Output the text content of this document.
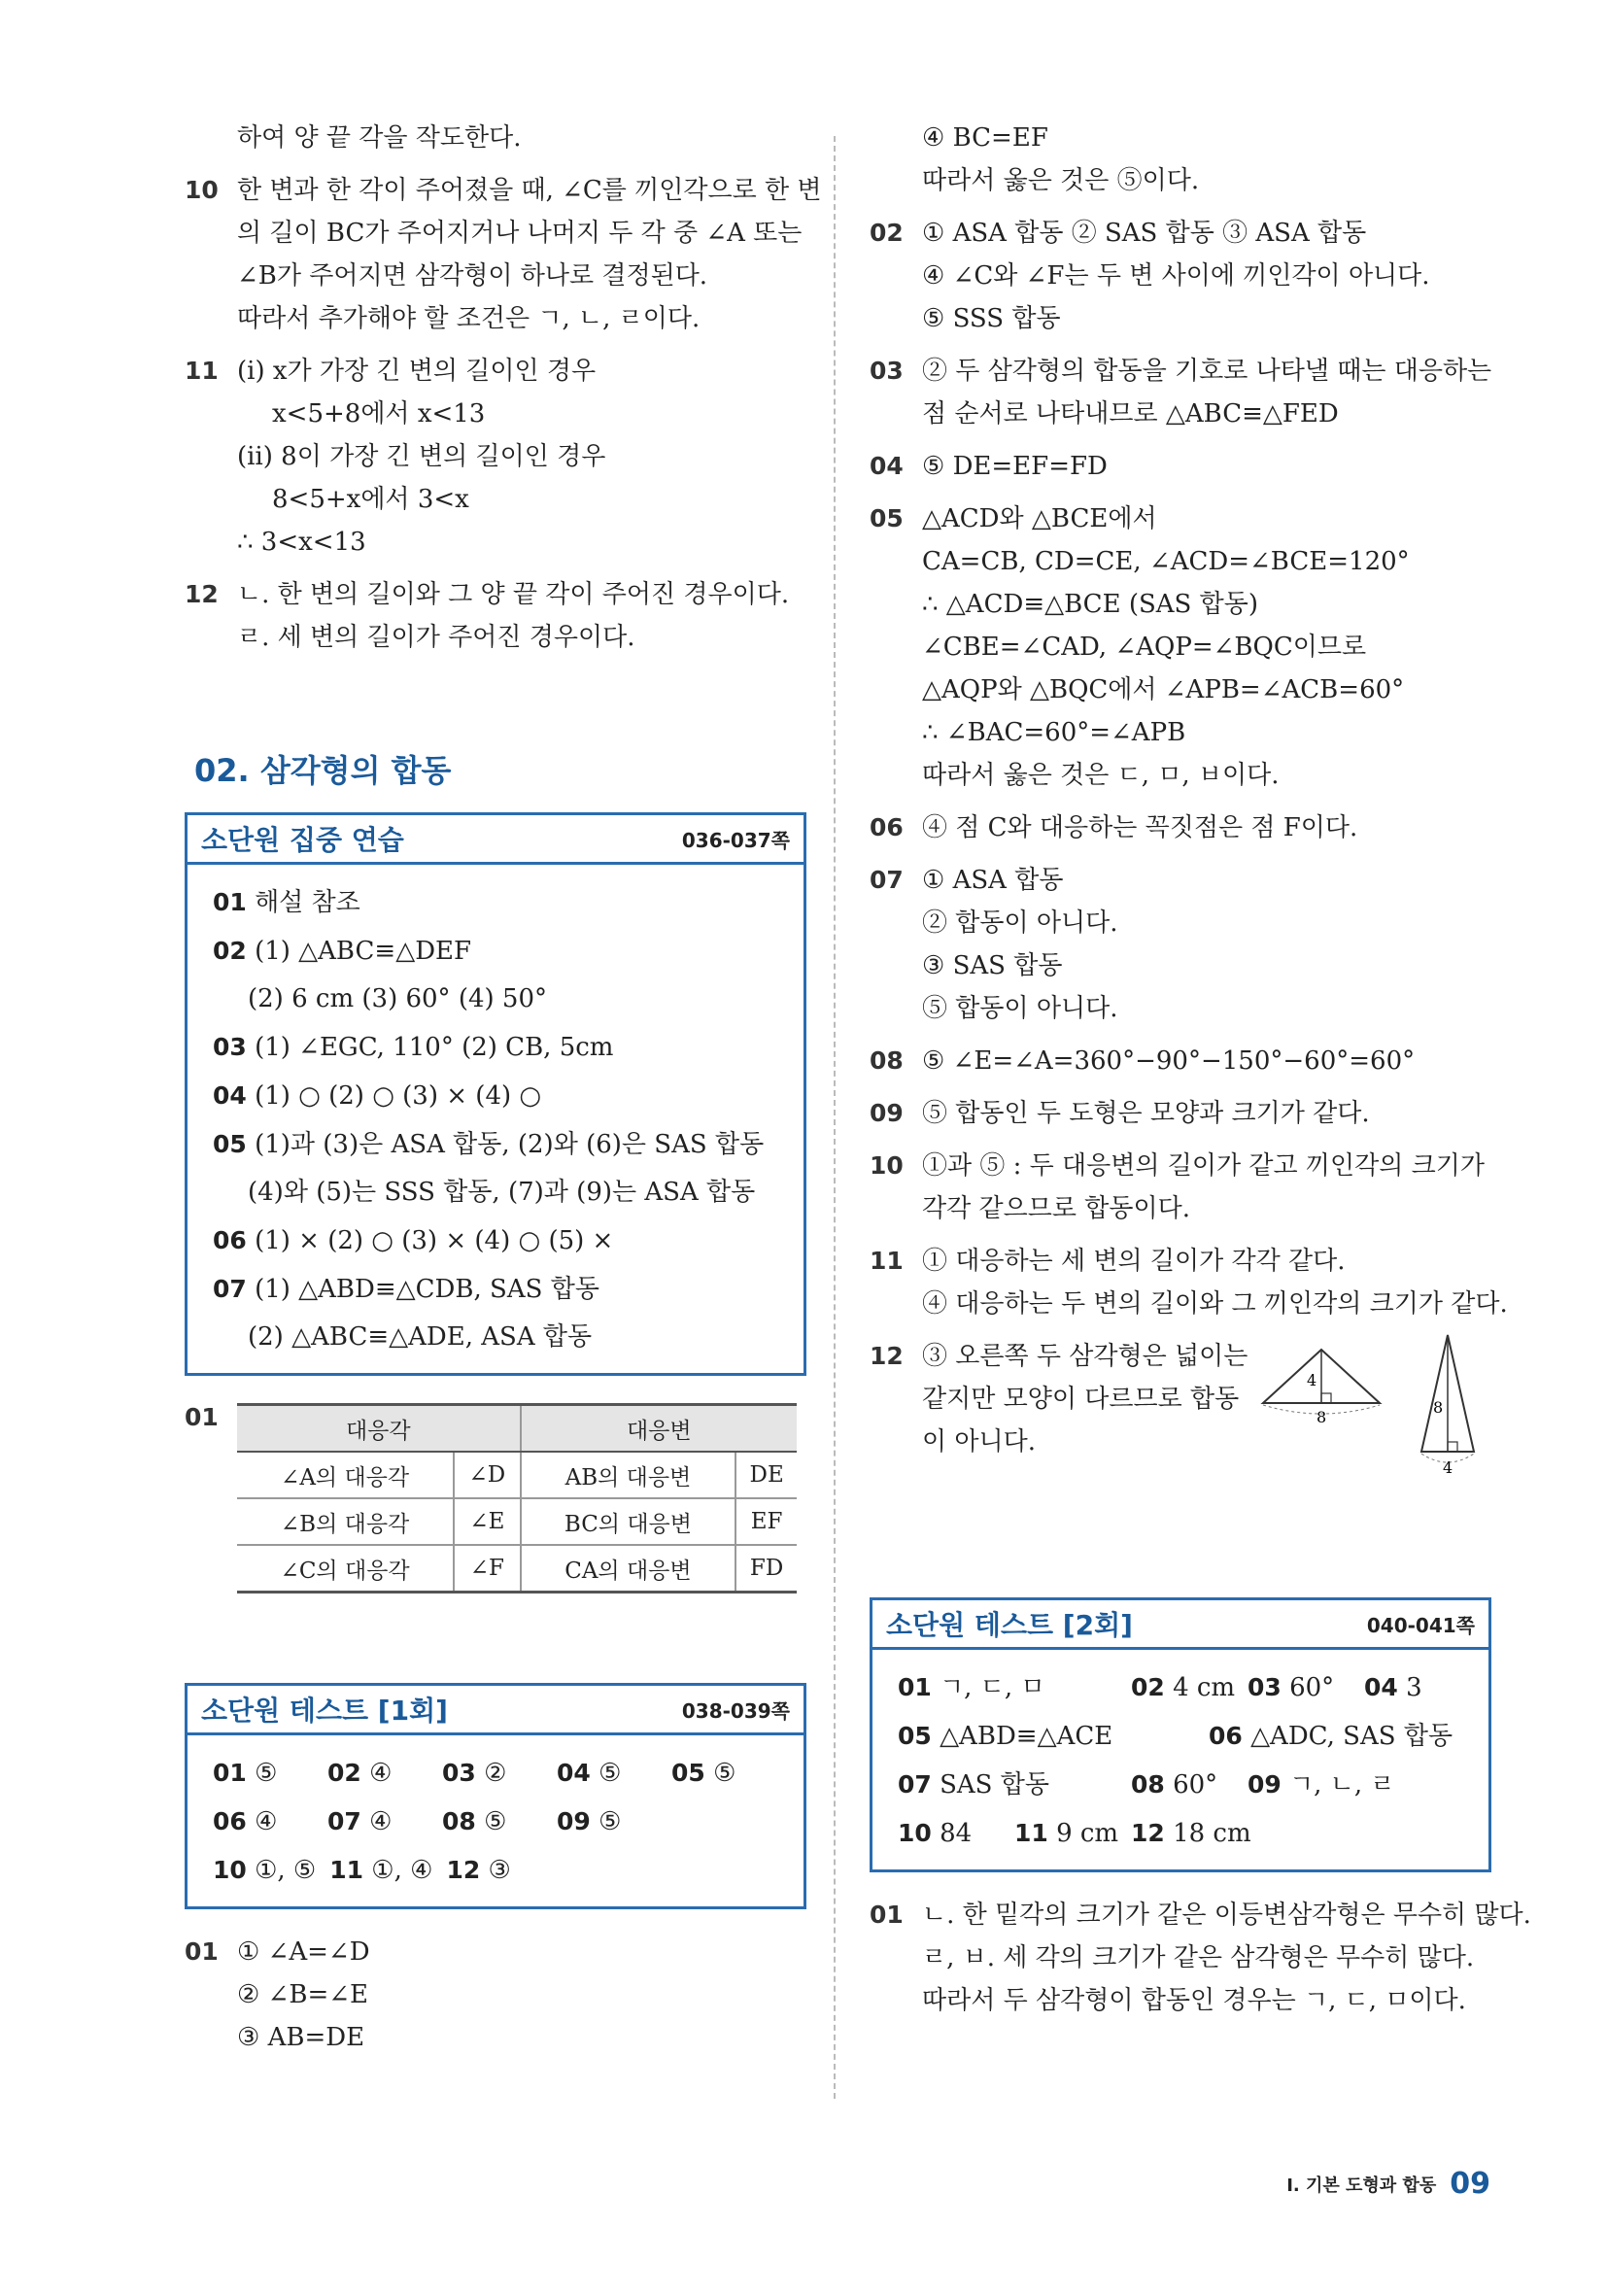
하여 양 끝 각을 작도한다.
10 한 변과 한 각이 주어졌을 때, ∠C를 끼인각으로 한 변
의 길이 BC가 주어지거나 나머지 두 각 중 ∠A 또는
∠B가 주어지면 삼각형이 하나로 결정된다.
따라서 추가해야 할 조건은 ㄱ, ㄴ, ㄹ이다.
11 (ⅰ) x가 가장 긴 변의 길이인 경우
x<5+8에서 x<13
(ⅱ) 8이 가장 긴 변의 길이인 경우
8<5+x에서 3<x
∴ 3<x<13
12 ㄴ. 한 변의 길이와 그 양 끝 각이 주어진 경우이다.
ㄹ. 세 변의 길이가 주어진 경우이다.
02. 삼각형의 합동
소단원 집중 연습	036-037쪽
01 해설 참조
02 (1) △ABC≡△DEF
(2) 6 cm (3) 60° (4) 50°
03 (1) ∠EGC, 110° (2) CB, 5cm
04 (1) ○ (2) ○ (3) × (4) ○
05 (1)과 (3)은 ASA 합동, (2)와 (6)은 SAS 합동
(4)와 (5)는 SSS 합동, (7)과 (9)는 ASA 합동
06 (1) × (2) ○ (3) × (4) ○ (5) ×
07 (1) △ABD≡△CDB, SAS 합동
(2) △ABC≡△ADE, ASA 합동
01	대응각		대응변	
∠A의 대응각	∠D	AB의 대응변	DE
∠B의 대응각	∠E	BC의 대응변	EF
∠C의 대응각	∠F	CA의 대응변	FD
소단원 테스트 [1회]	038-039쪽
01 ⑤	02 ④	03 ②	04 ⑤	05 ⑤
06 ④	07 ④	08 ⑤	09 ⑤
10 ①, ⑤ 11 ①, ④ 12 ③
01 ① ∠A=∠D
② ∠B=∠E
③ AB=DE
④ BC=EF
따라서 옳은 것은 ⑤이다.
02 ① ASA 합동 ② SAS 합동 ③ ASA 합동
④ ∠C와 ∠F는 두 변 사이에 끼인각이 아니다.
⑤ SSS 합동
03 ② 두 삼각형의 합동을 기호로 나타낼 때는 대응하는
점 순서로 나타내므로 △ABC≡△FED
04 ⑤ DE=EF=FD
05 △ACD와 △BCE에서
CA=CB, CD=CE, ∠ACD=∠BCE=120°
∴ △ACD≡△BCE (SAS 합동)
∠CBE=∠CAD, ∠AQP=∠BQC이므로
△AQP와 △BQC에서 ∠APB=∠ACB=60°
∴ ∠BAC=60°=∠APB
따라서 옳은 것은 ㄷ, ㅁ, ㅂ이다.
06 ④ 점 C와 대응하는 꼭짓점은 점 F이다.
07 ① ASA 합동
② 합동이 아니다.
③ SAS 합동
⑤ 합동이 아니다.
08 ⑤ ∠E=∠A=360°−90°−150°−60°=60°
09 ⑤ 합동인 두 도형은 모양과 크기가 같다.
10 ①과 ⑤ : 두 대응변의 길이가 같고 끼인각의 크기가
각각 같으므로 합동이다.
11 ① 대응하는 세 변의 길이가 각각 같다.
④ 대응하는 두 변의 길이와 그 끼인각의 크기가 같다.
12 ③ 오른쪽 두 삼각형은 넓이는
같지만 모양이 다르므로 합동
이 아니다.
4
8
8
4
소단원 테스트 [2회]	040-041쪽
01 ㄱ, ㄷ, ㅁ	02 4 cm 03 60° 04 3
05 △ABD≡△ACE	06 △ADC, SAS 합동
07 SAS 합동	08 60° 09 ㄱ, ㄴ, ㄹ
10 84 11 9 cm 12 18 cm
01 ㄴ. 한 밑각의 크기가 같은 이등변삼각형은 무수히 많다.
ㄹ, ㅂ. 세 각의 크기가 같은 삼각형은 무수히 많다.
따라서 두 삼각형이 합동인 경우는 ㄱ, ㄷ, ㅁ이다.
Ⅰ. 기본 도형과 합동 09
